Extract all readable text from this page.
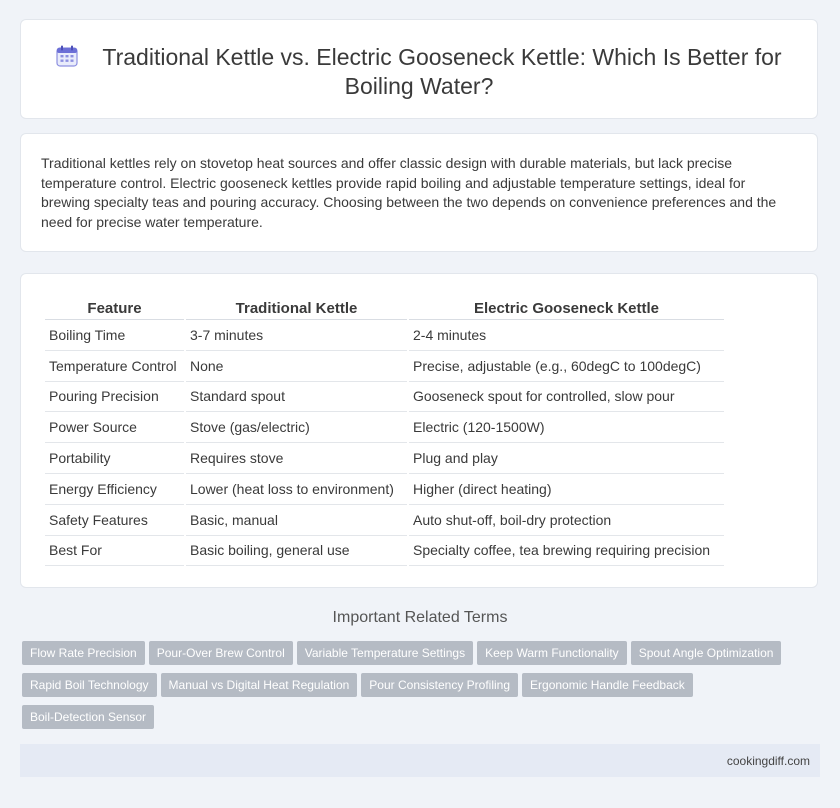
Traditional Kettle vs. Electric Gooseneck Kettle: Which Is Better for Boiling Water?
Traditional kettles rely on stovetop heat sources and offer classic design with durable materials, but lack precise temperature control. Electric gooseneck kettles provide rapid boiling and adjustable temperature settings, ideal for brewing specialty teas and pouring accuracy. Choosing between the two depends on convenience preferences and the need for precise water temperature.
Feature	Traditional Kettle	Electric Gooseneck Kettle
Boiling Time	3-7 minutes	2-4 minutes
Temperature Control	None	Precise, adjustable (e.g., 60degC to 100degC)
Pouring Precision	Standard spout	Gooseneck spout for controlled, slow pour
Power Source	Stove (gas/electric)	Electric (120-1500W)
Portability	Requires stove	Plug and play
Energy Efficiency	Lower (heat loss to environment)	Higher (direct heating)
Safety Features	Basic, manual	Auto shut-off, boil-dry protection
Best For	Basic boiling, general use	Specialty coffee, tea brewing requiring precision
Important Related Terms
Flow Rate Precision Pour-Over Brew Control Variable Temperature Settings Keep Warm Functionality Spout Angle Optimization
Rapid Boil Technology Manual vs Digital Heat Regulation Pour Consistency Profiling Ergonomic Handle Feedback
Boil-Detection Sensor
cookingdiff.com
